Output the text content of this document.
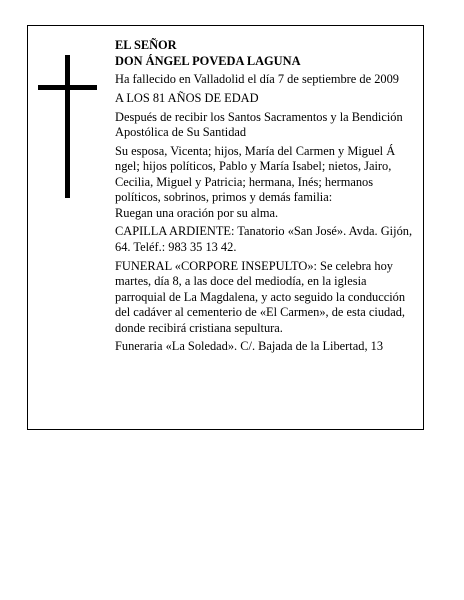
EL SEÑOR

DON ÁNGEL POVEDA LAGUNA

Ha fallecido en Valladolid el día 7 de septiembre de 2009

A LOS 81 AÑOS DE EDAD

Después de recibir los Santos Sacramentos y la Bendición Apostólica de Su Santidad

Su esposa, Vicenta; hijos, María del Carmen y Miguel Á ngel; hijos políticos, Pablo y María Isabel; nietos, Jairo, Cecilia, Miguel y Patricia; hermana, Inés; hermanos políticos, sobrinos, primos y demás familia:

Ruegan una oración por su alma.

CAPILLA ARDIENTE: Tanatorio «San José». Avda. Gijón, 64. Teléf.: 983 35 13 42.

FUNERAL «CORPORE INSEPULTO»: Se celebra hoy martes, día 8, a las doce del mediodía, en la iglesia parroquial de La Magdalena, y acto seguido la conducción del cadáver al cementerio de «El Carmen», de esta ciudad, donde recibirá cristiana sepultura.

Funeraria «La Soledad». C/. Bajada de la Libertad, 13
